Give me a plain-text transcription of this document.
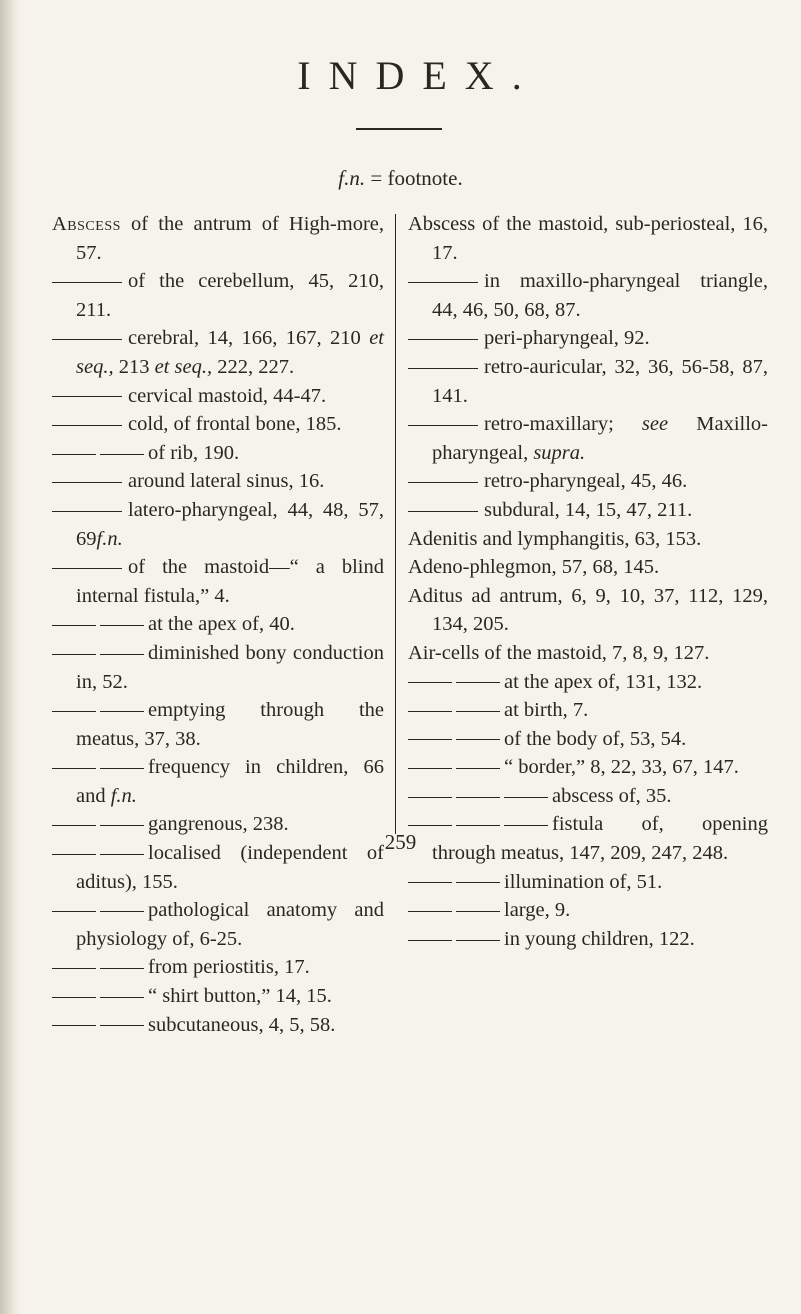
INDEX.
f.n. = footnote.
Abscess of the antrum of High-more, 57.
of the cerebellum, 45, 210, 211.
cerebral, 14, 166, 167, 210 et seq., 213 et seq., 222, 227.
cervical mastoid, 44-47.
cold, of frontal bone, 185.
of rib, 190.
around lateral sinus, 16.
latero-pharyngeal, 44, 48, 57, 69f.n.
of the mastoid—“ a blind internal fistula,” 4.
at the apex of, 40.
diminished bony conduction in, 52.
emptying through the meatus, 37, 38.
frequency in children, 66 and f.n.
gangrenous, 238.
localised (independent of aditus), 155.
pathological anatomy and physiology of, 6-25.
from periostitis, 17.
“ shirt button,” 14, 15.
subcutaneous, 4, 5, 58.
Abscess of the mastoid, sub-periosteal, 16, 17.
in maxillo-pharyngeal triangle, 44, 46, 50, 68, 87.
peri-pharyngeal, 92.
retro-auricular, 32, 36, 56-58, 87, 141.
retro-maxillary; see Maxillo-pharyngeal, supra.
retro-pharyngeal, 45, 46.
subdural, 14, 15, 47, 211.
Adenitis and lymphangitis, 63, 153.
Adeno-phlegmon, 57, 68, 145.
Aditus ad antrum, 6, 9, 10, 37, 112, 129, 134, 205.
Air-cells of the mastoid, 7, 8, 9, 127.
at the apex of, 131, 132.
at birth, 7.
of the body of, 53, 54.
“ border,” 8, 22, 33, 67, 147.
abscess of, 35.
fistula of, opening through meatus, 147, 209, 247, 248.
illumination of, 51.
large, 9.
in young children, 122.
259
